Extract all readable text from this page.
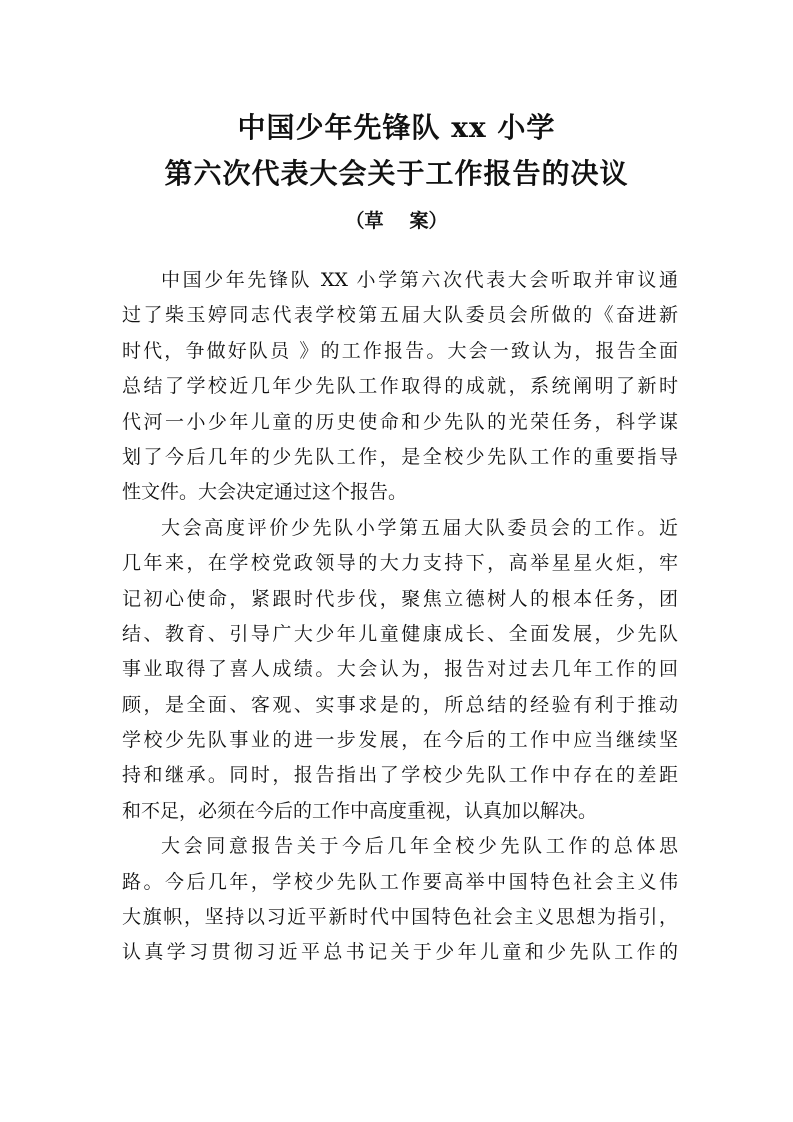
中国少年先锋队 xx 小学
第六次代表大会关于工作报告的决议
（草 案）
中国少年先锋队 XX 小学第六次代表大会听取并审议通
过了柴玉婷同志代表学校第五届大队委员会所做的《奋进新
时代，争做好队员 》的工作报告。大会一致认为，报告全面
总结了学校近几年少先队工作取得的成就，系统阐明了新时
代河一小少年儿童的历史使命和少先队的光荣任务，科学谋
划了今后几年的少先队工作，是全校少先队工作的重要指导
性文件。大会决定通过这个报告。
大会高度评价少先队小学第五届大队委员会的工作。近
几年来，在学校党政领导的大力支持下，高举星星火炬，牢
记初心使命，紧跟时代步伐，聚焦立德树人的根本任务，团
结、教育、引导广大少年儿童健康成长、全面发展，少先队
事业取得了喜人成绩。大会认为，报告对过去几年工作的回
顾，是全面、客观、实事求是的，所总结的经验有利于推动
学校少先队事业的进一步发展，在今后的工作中应当继续坚
持和继承。同时，报告指出了学校少先队工作中存在的差距
和不足，必须在今后的工作中高度重视，认真加以解决。
大会同意报告关于今后几年全校少先队工作的总体思
路。今后几年，学校少先队工作要高举中国特色社会主义伟
大旗帜，坚持以习近平新时代中国特色社会主义思想为指引，
认真学习贯彻习近平总书记关于少年儿童和少先队工作的
